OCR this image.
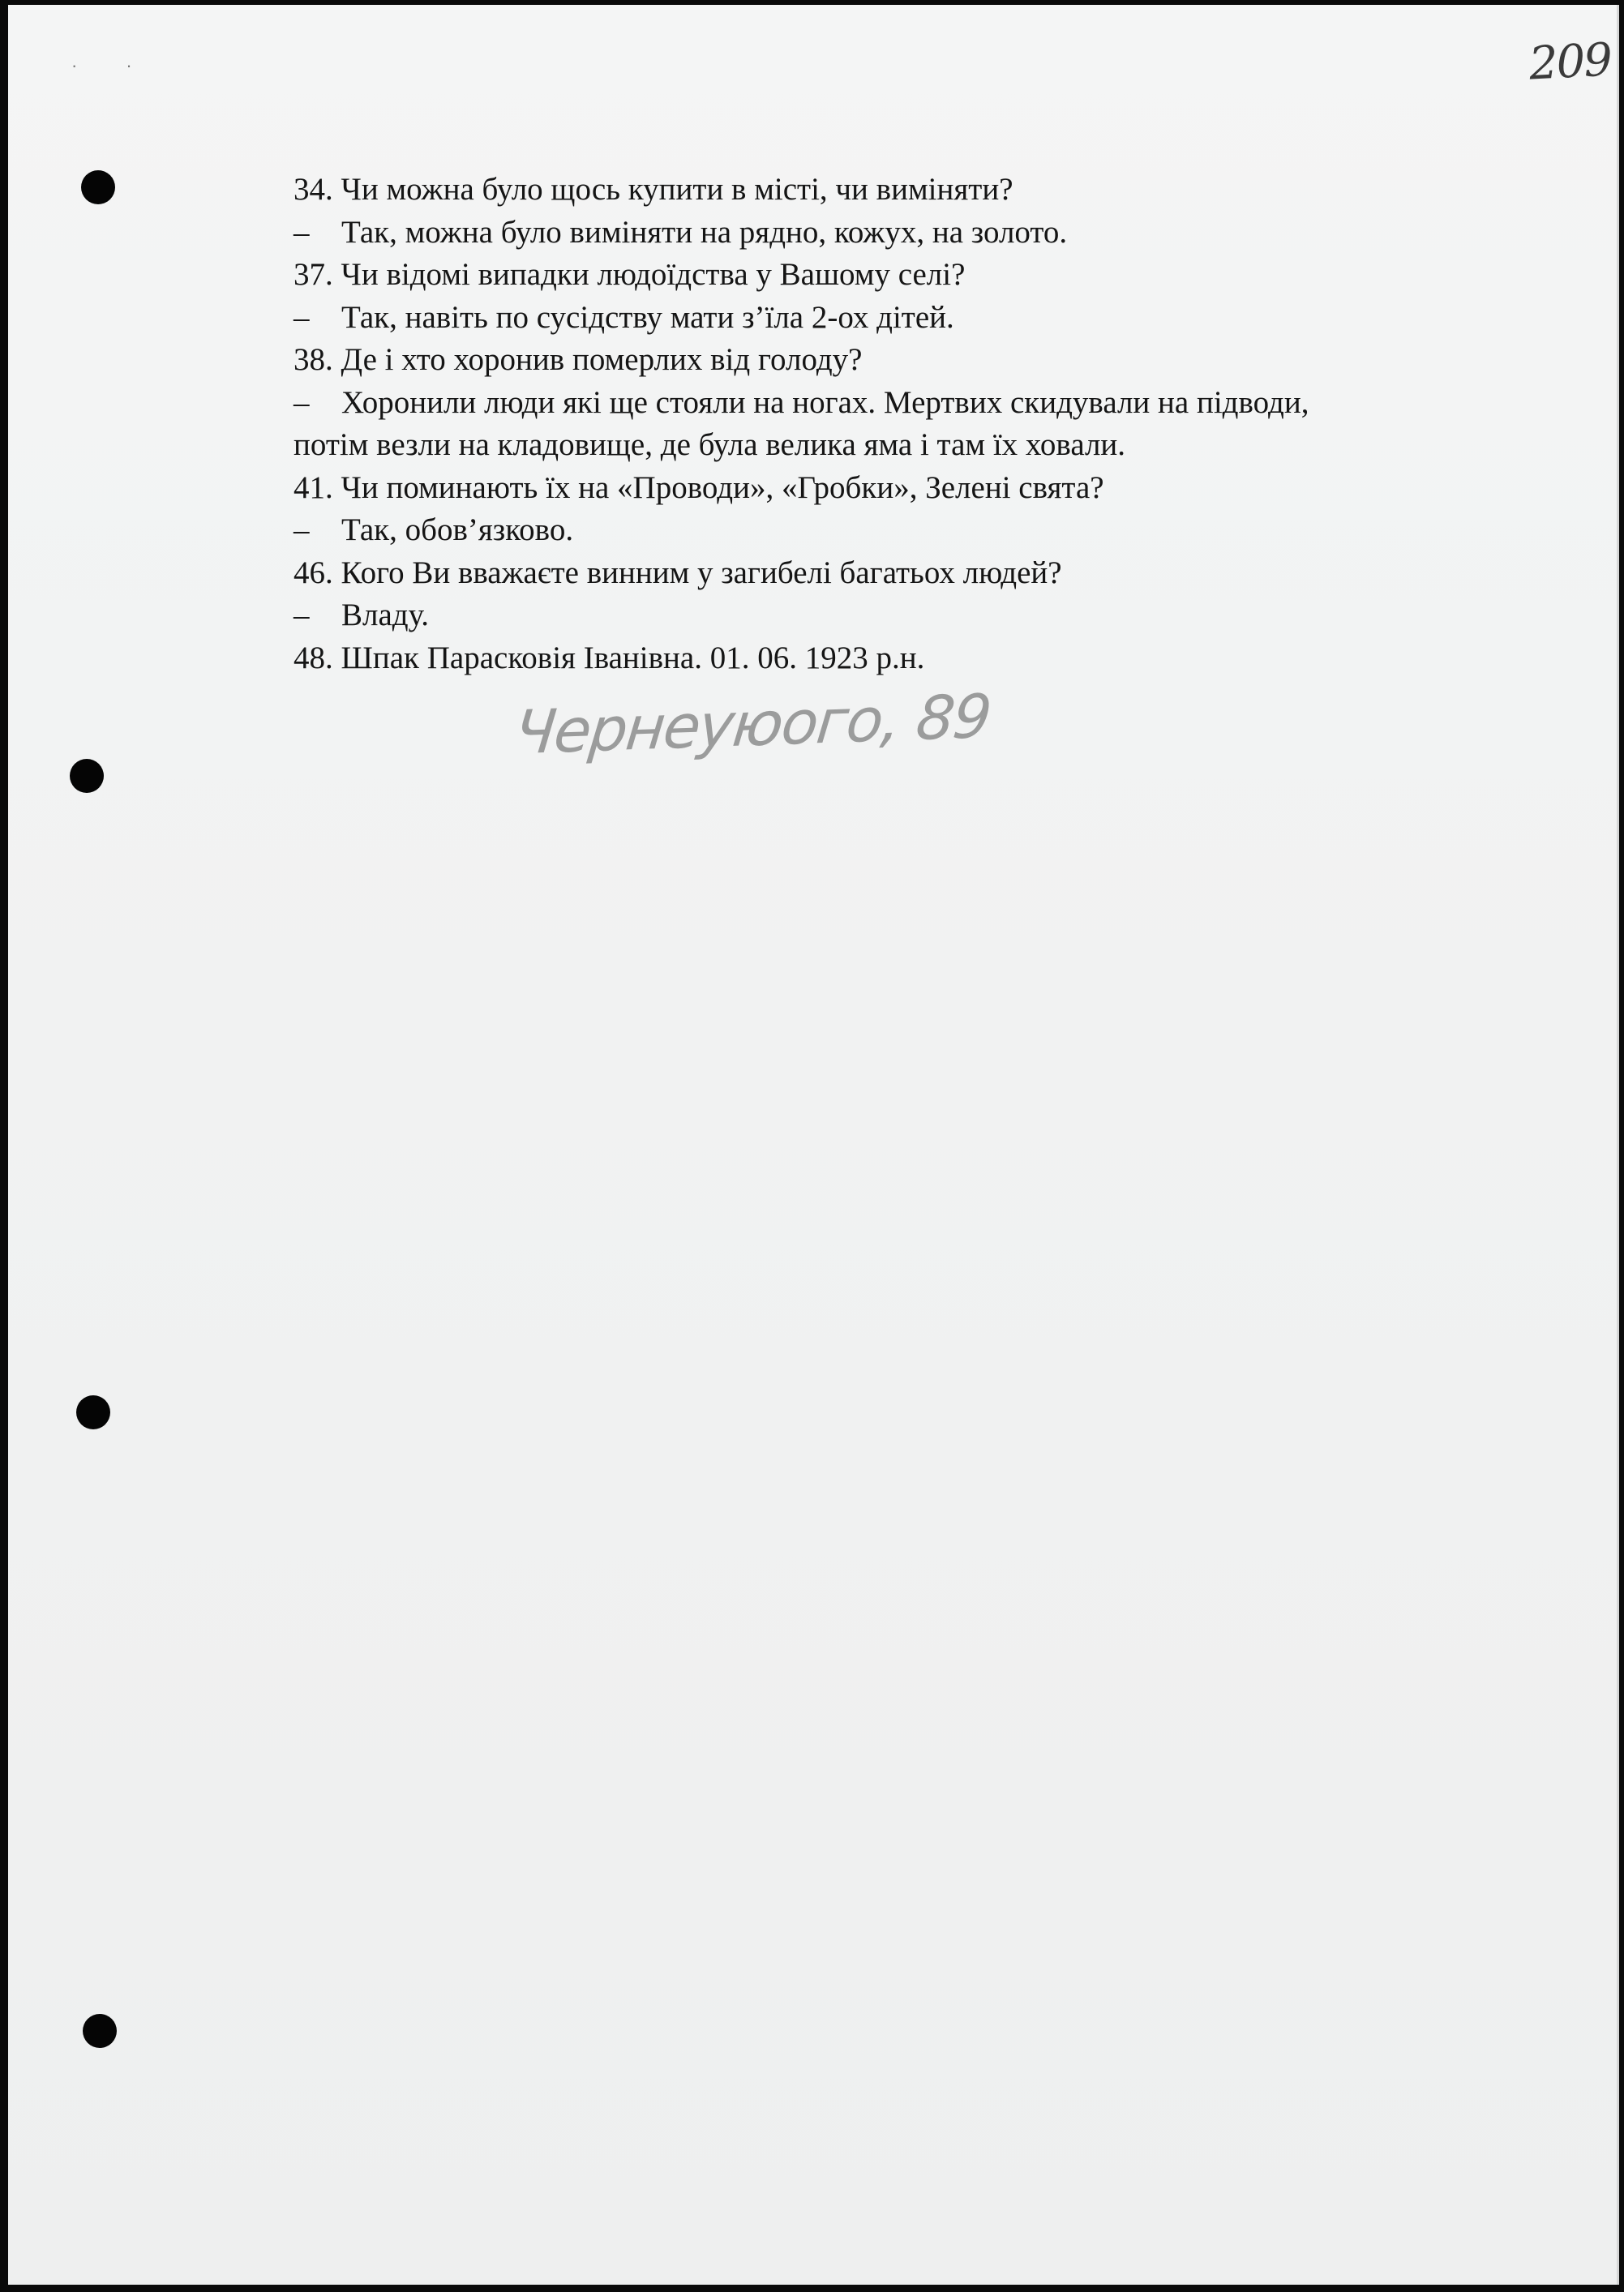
··	209
34. Чи можна було щось купити в місті, чи виміняти?
– Так, можна було виміняти на рядно, кожух, на золото.
37. Чи відомі випадки людоїдства у Вашому селі?
– Так, навіть по сусідству мати з’їла 2-ох дітей.
38. Де і хто хоронив померлих від голоду?
– Хоронили люди які ще стояли на ногах. Мертвих скидували на підводи,
потім везли на кладовище, де була велика яма і там їх ховали.
41. Чи поминають їх на «Проводи», «Гробки», Зелені свята?
– Так, обов’язково.
46. Кого Ви вважаєте винним у загибелі багатьох людей?
– Владу.
48. Шпак Парасковія Іванівна. 01. 06. 1923 р.н.
Чернеуюого, 89
